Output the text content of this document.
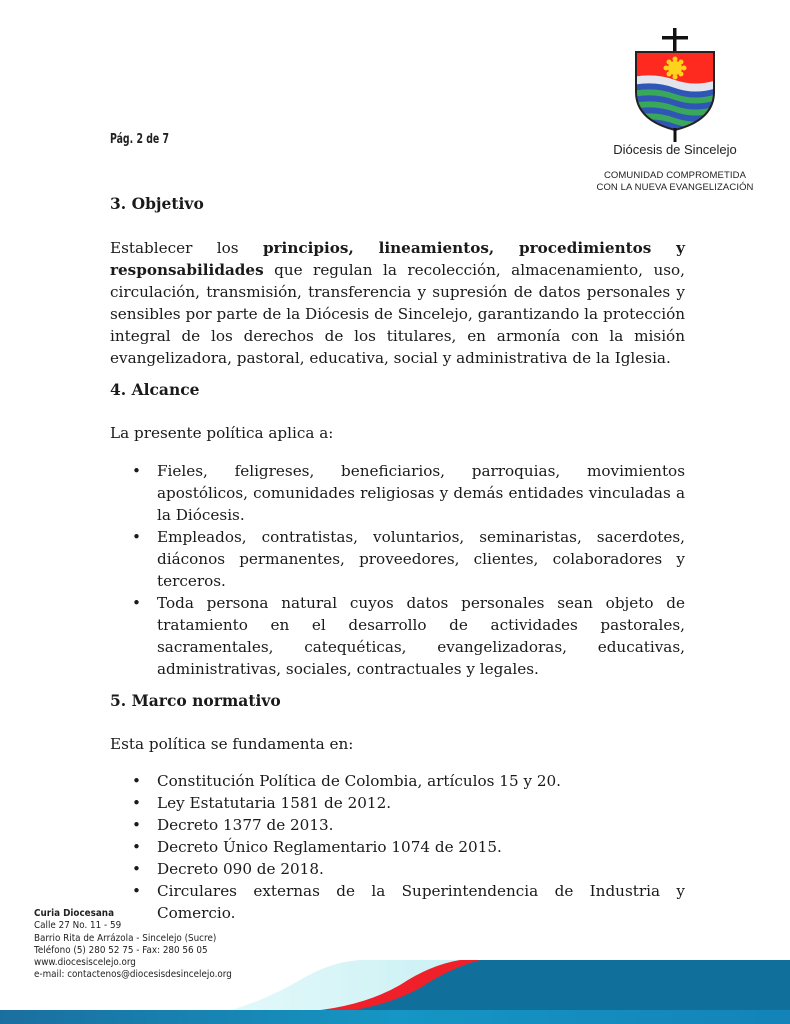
Pág. 2 de 7
Diócesis de Sincelejo
COMUNIDAD COMPROMETIDA
CON LA NUEVA EVANGELIZACIÓN
3. Objetivo

Establecer los principios, lineamientos, procedimientos y responsabilidades que regulan la recolección, almacenamiento, uso, circulación, transmisión, transferencia y supresión de datos personales y sensibles por parte de la Diócesis de Sincelejo, garantizando la protección integral de los derechos de los titulares, en armonía con la misión evangelizadora, pastoral, educativa, social y administrativa de la Iglesia.

4. Alcance

La presente política aplica a:

• Fieles, feligreses, beneficiarios, parroquias, movimientos apostólicos, comunidades religiosas y demás entidades vinculadas a la Diócesis.
• Empleados, contratistas, voluntarios, seminaristas, sacerdotes, diáconos permanentes, proveedores, clientes, colaboradores y terceros.
• Toda persona natural cuyos datos personales sean objeto de tratamiento en el desarrollo de actividades pastorales, sacramentales, catequéticas, evangelizadoras, educativas, administrativas, sociales, contractuales y legales.
5. Marco normativo

Esta política se fundamenta en:

• Constitución Política de Colombia, artículos 15 y 20.
• Ley Estatutaria 1581 de 2012.
• Decreto 1377 de 2013.
• Decreto Único Reglamentario 1074 de 2015.
• Decreto 090 de 2018.
• Circulares externas de la Superintendencia de Industria y Comercio.
Curia Diocesana
Calle 27 No. 11 - 59
Barrio Rita de Arrázola - Sincelejo (Sucre)
Teléfono (5) 280 52 75 - Fax: 280 56 05
www.diocesiscelejo.org
e-mail: contactenos@diocesisdesincelejo.org
